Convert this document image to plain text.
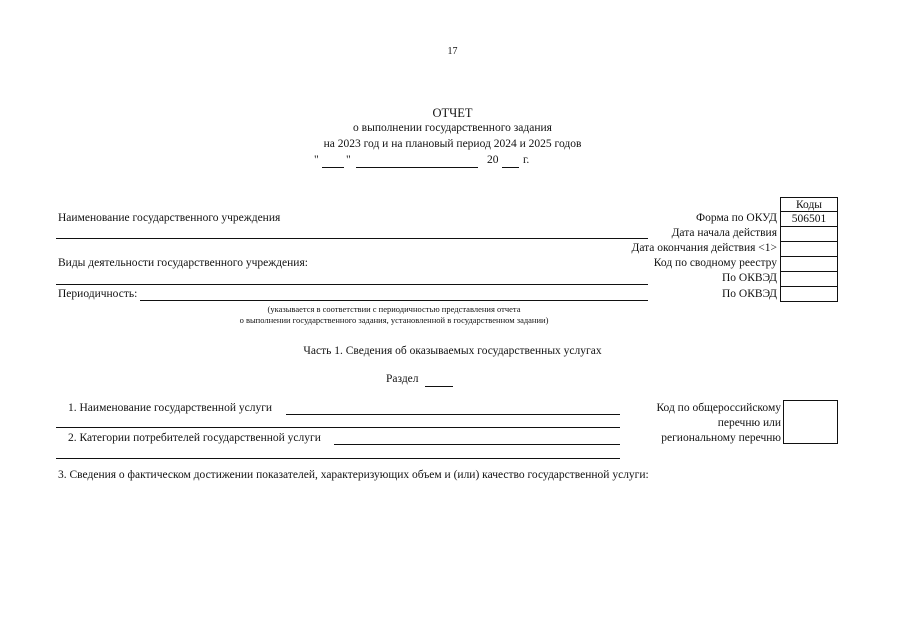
17
ОТЧЕТ
о выполнении государственного задания
на 2023 год и на плановый период 2024 и 2025 годов
" "	20 г.
Коды
506501
Форма по ОКУД
Дата начала действия
Дата окончания действия <1>
Код по сводному реестру
По ОКВЭД
По ОКВЭД
Наименование государственного учреждения
Виды деятельности государственного учреждения:
Периодичность:
(указывается в соответствии с периодичностью представления отчета
о выполнении государственного задания, установленной в государственном задании)
Часть 1. Сведения об оказываемых государственных услугах
Раздел
1. Наименование государственной услуги
2. Категории потребителей государственной услуги
Код по общероссийскому
перечню или
региональному перечню
3. Сведения о фактическом достижении показателей, характеризующих объем и (или) качество государственной услуги:
